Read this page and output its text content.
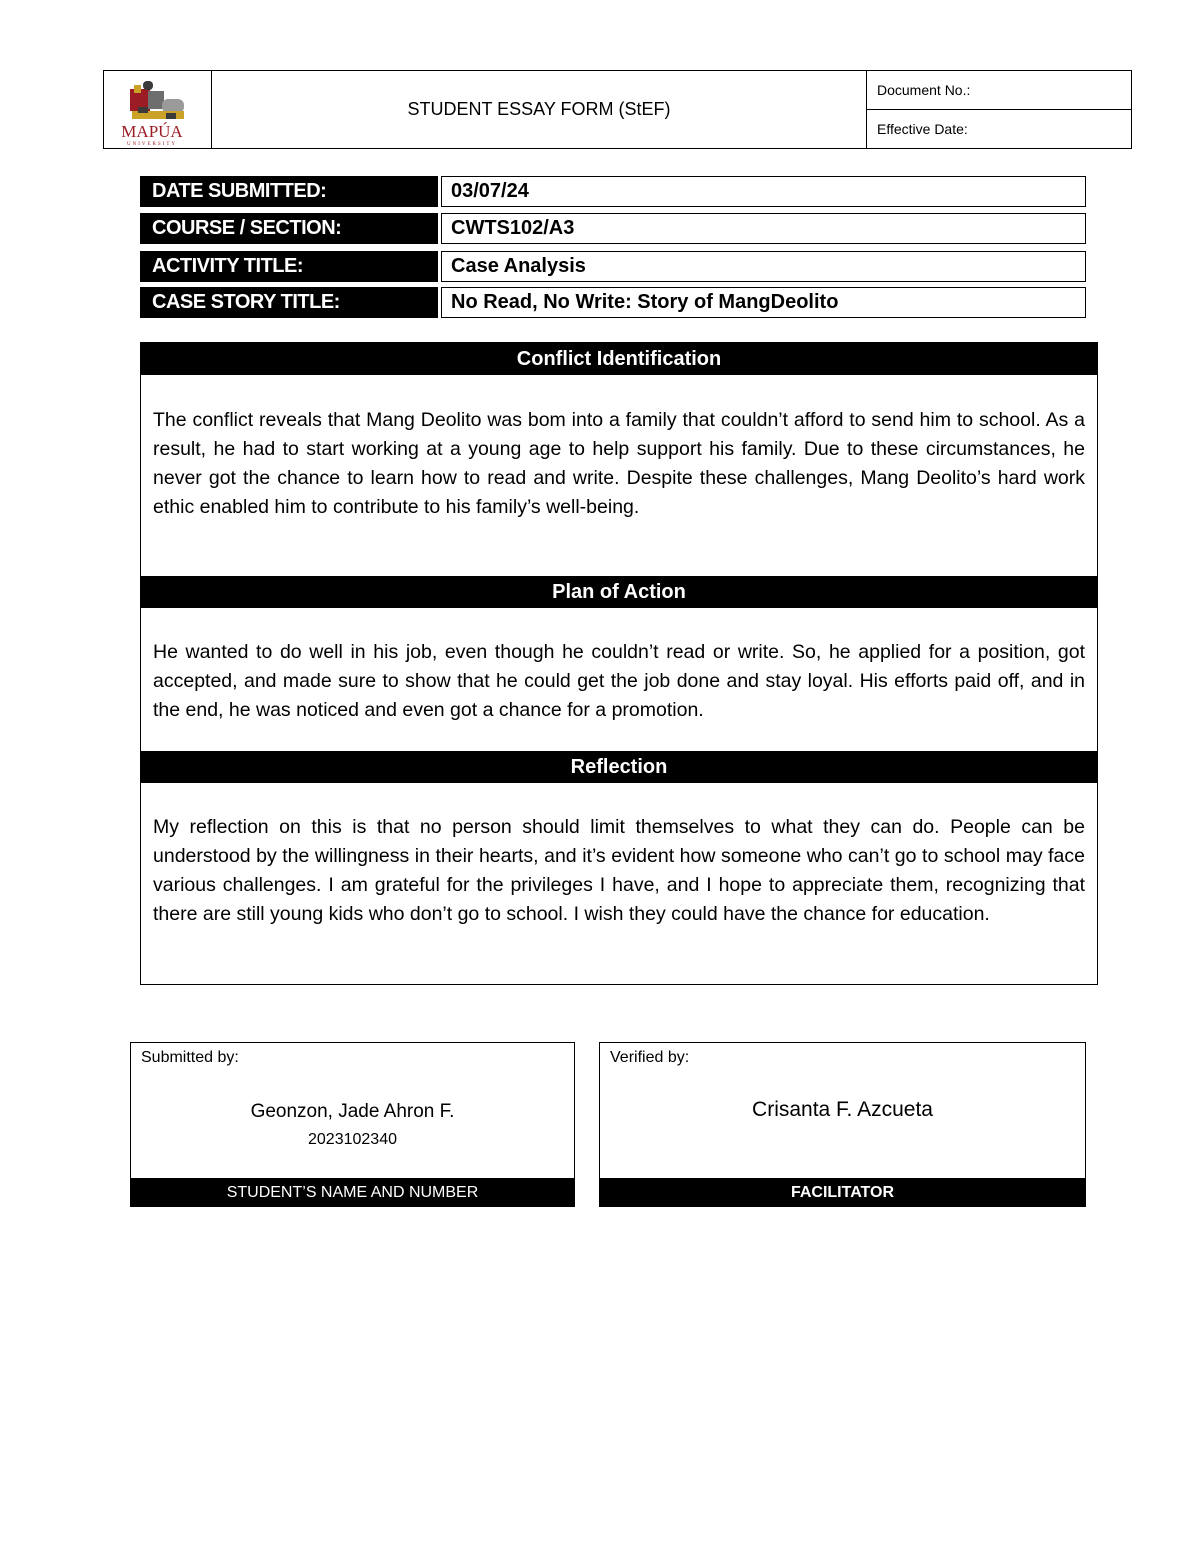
MAPÚA
UNIVERSITY
STUDENT ESSAY FORM (StEF)
Document No.:
Effective Date:
DATE SUBMITTED:	03/07/24
COURSE / SECTION:	CWTS102/A3
ACTIVITY TITLE:	Case Analysis
CASE STORY TITLE:	No Read, No Write: Story of MangDeolito
Conflict Identification
The conflict reveals that Mang Deolito was bom into a family that couldn’t afford to send him to school. As a result, he had to start working at a young age to help support his family. Due to these circumstances, he never got the chance to learn how to read and write. Despite these challenges, Mang Deolito’s hard work ethic enabled him to contribute to his family’s well-being.
Plan of Action
He wanted to do well in his job, even though he couldn’t read or write. So, he applied for a position, got accepted, and made sure to show that he could get the job done and stay loyal. His efforts paid off, and in the end, he was noticed and even got a chance for a promotion.
Reflection
My reflection on this is that no person should limit themselves to what they can do. People can be understood by the willingness in their hearts, and it’s evident how someone who can’t go to school may face various challenges. I am grateful for the privileges I have, and I hope to appreciate them, recognizing that there are still young kids who don’t go to school. I wish they could have the chance for education.
Submitted by:
Geonzon, Jade Ahron F.
2023102340
STUDENT’S NAME AND NUMBER
Verified by:
Crisanta F. Azcueta
FACILITATOR
